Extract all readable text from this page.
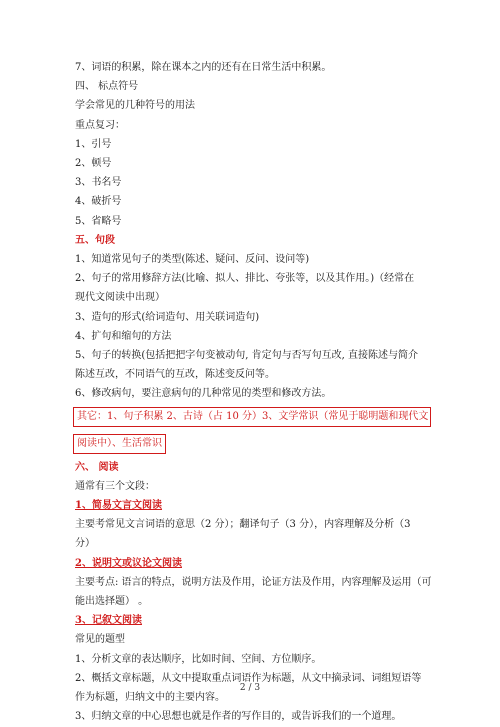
7、词语的积累，除在课本之内的还有在日常生活中积累。
四、 标点符号
学会常见的几种符号的用法
重点复习：
1、引号
2、顿号
3、书名号
4、破折号
5、省略号
五、句段
1、知道常见句子的类型(陈述、疑问、反问、设问等)
2、句子的常用修辞方法(比喻、拟人、排比、夸张等，以及其作用。)（经常在
现代文阅读中出现）
3、造句的形式(给词造句、用关联词造句)
4、扩句和缩句的方法
5、句子的转换(包括把把字句变被动句, 肯定句与否写句互改, 直接陈述与简介
陈述互改，不同语气的互改，陈述变反问等。
6、修改病句，要注意病句的几种常见的类型和修改方法。
其它：1、句子积累 2、古诗（占 10 分）3、文学常识（常见于聪明题和现代文
阅读中）、生活常识
六、 阅读
通常有三个文段：
1、简易文言文阅读
主要考常见文言词语的意思（2 分）；翻译句子（3 分），内容理解及分析（3
分）
2、说明文或议论文阅读
主要考点: 语言的特点，说明方法及作用，论证方法及作用，内容理解及运用（可
能出选择题） 。
3、记叙文阅读
常见的题型
1、分析文章的表达顺序，比如时间、空间、方位顺序。
2、概括文章标题，从文中提取重点词语作为标题，从文中摘录词、词组短语等
作为标题，归纳文中的主要内容。
3、归纳文章的中心思想也就是作者的写作目的，或告诉我们的一个道理。
2 / 3
